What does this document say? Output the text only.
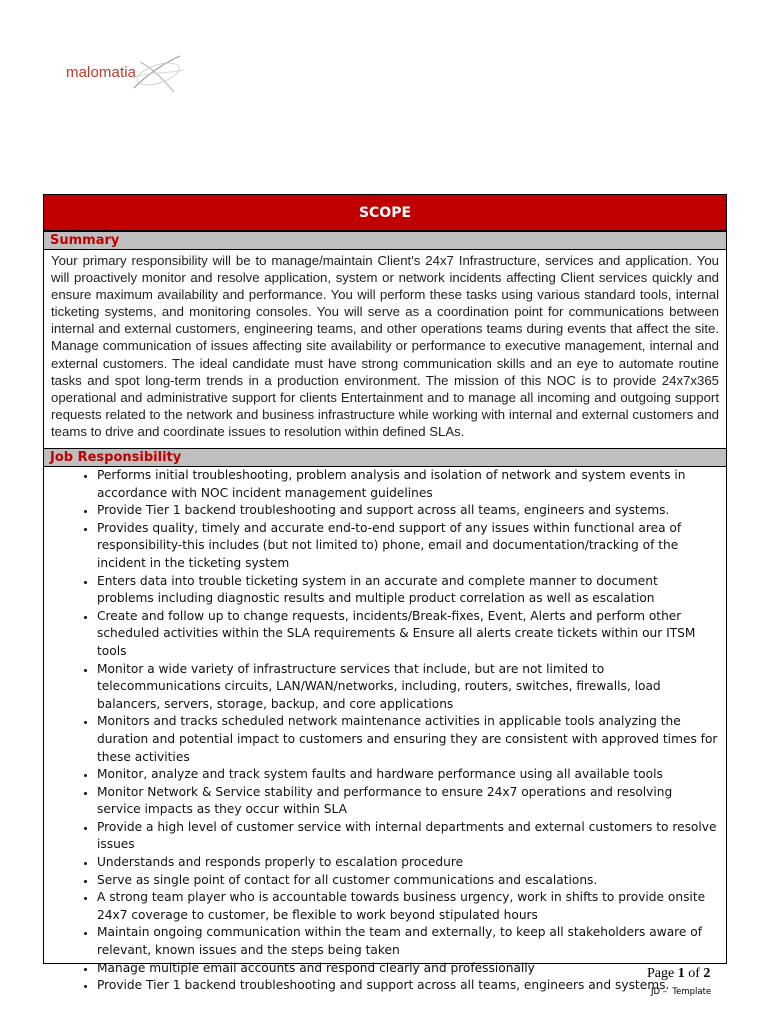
malomatia
SCOPE
Summary
Your primary responsibility will be to manage/maintain Client's 24x7 Infrastructure, services and application. You will proactively monitor and resolve application, system or network incidents affecting Client services quickly and ensure maximum availability and performance. You will perform these tasks using various standard tools, internal ticketing systems, and monitoring consoles. You will serve as a coordination point for communications between internal and external customers, engineering teams, and other operations teams during events that affect the site. Manage communication of issues affecting site availability or performance to executive management, internal and external customers. The ideal candidate must have strong communication skills and an eye to automate routine tasks and spot long-term trends in a production environment. The mission of this NOC is to provide 24x7x365 operational and administrative support for clients Entertainment and to manage all incoming and outgoing support requests related to the network and business infrastructure while working with internal and external customers and teams to drive and coordinate issues to resolution within defined SLAs.
Job Responsibility
• Performs initial troubleshooting, problem analysis and isolation of network and system events in accordance with NOC incident management guidelines
• Provide Tier 1 backend troubleshooting and support across all teams, engineers and systems.
• Provides quality, timely and accurate end-to-end support of any issues within functional area of responsibility-this includes (but not limited to) phone, email and documentation/tracking of the incident in the ticketing system
• Enters data into trouble ticketing system in an accurate and complete manner to document problems including diagnostic results and multiple product correlation as well as escalation
• Create and follow up to change requests, incidents/Break-fixes, Event, Alerts and perform other scheduled activities within the SLA requirements & Ensure all alerts create tickets within our ITSM tools
• Monitor a wide variety of infrastructure services that include, but are not limited to telecommunications circuits, LAN/WAN/networks, including, routers, switches, firewalls, load balancers, servers, storage, backup, and core applications
• Monitors and tracks scheduled network maintenance activities in applicable tools analyzing the duration and potential impact to customers and ensuring they are consistent with approved times for these activities
• Monitor, analyze and track system faults and hardware performance using all available tools
• Monitor Network & Service stability and performance to ensure 24x7 operations and resolving service impacts as they occur within SLA
• Provide a high level of customer service with internal departments and external customers to resolve issues
• Understands and responds properly to escalation procedure
• Serve as single point of contact for all customer communications and escalations.
• A strong team player who is accountable towards business urgency, work in shifts to provide onsite 24x7 coverage to customer, be flexible to work beyond stipulated hours
• Maintain ongoing communication within the team and externally, to keep all stakeholders aware of relevant, known issues and the steps being taken
• Manage multiple email accounts and respond clearly and professionally
• Provide Tier 1 backend troubleshooting and support across all teams, engineers and systems.
Page 1 of 2
JD –  Template
